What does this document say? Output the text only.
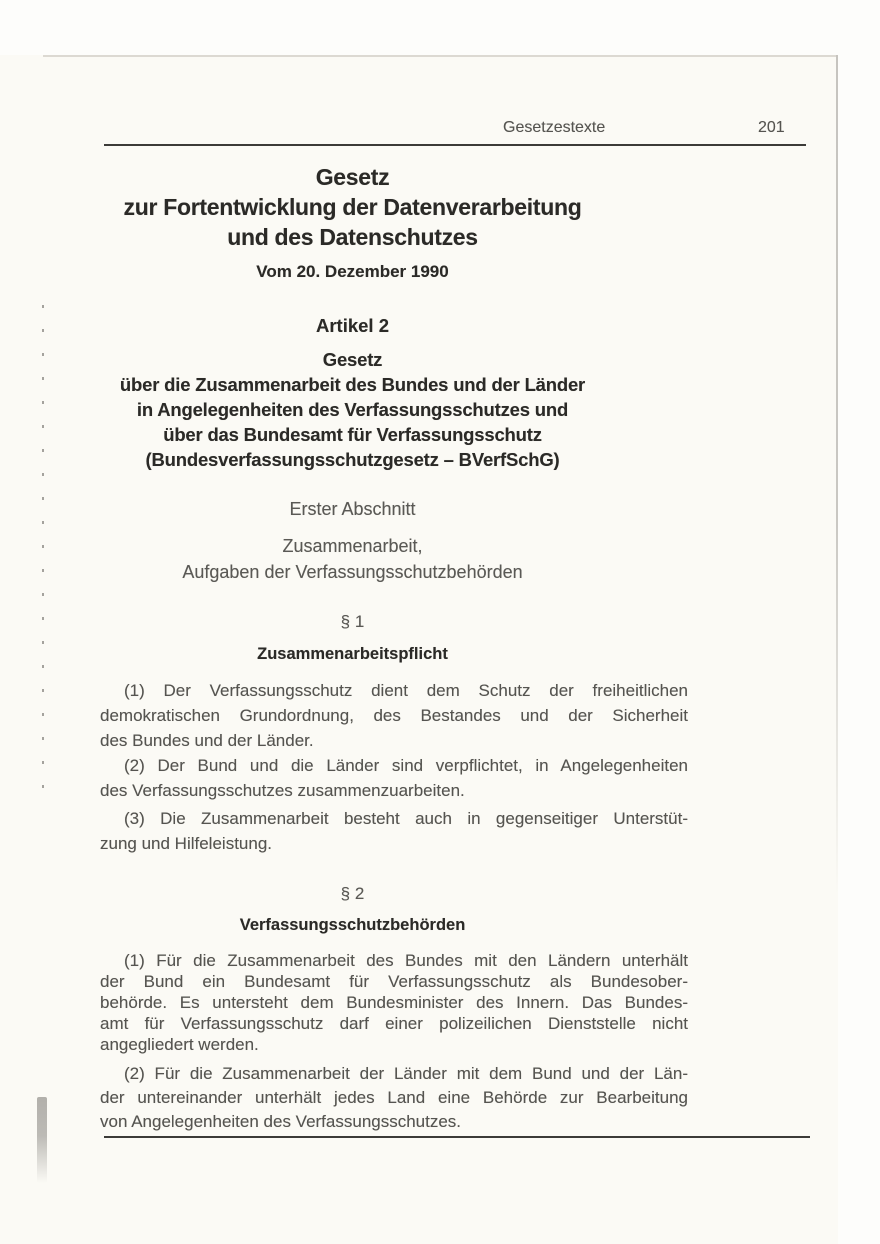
Gesetzestexte	201
Gesetz
zur Fortentwicklung der Datenverarbeitung
und des Datenschutzes
Vom 20. Dezember 1990
Artikel 2
Gesetz
über die Zusammenarbeit des Bundes und der Länder
in Angelegenheiten des Verfassungsschutzes und
über das Bundesamt für Verfassungsschutz
(Bundesverfassungsschutzgesetz – BVerfSchG)
Erster Abschnitt
Zusammenarbeit,
Aufgaben der Verfassungsschutzbehörden
§ 1
Zusammenarbeitspflicht
(1) Der Verfassungsschutz dient dem Schutz der freiheitlichen
demokratischen Grundordnung, des Bestandes und der Sicherheit
des Bundes und der Länder.
(2) Der Bund und die Länder sind verpflichtet, in Angelegenheiten
des Verfassungsschutzes zusammenzuarbeiten.
(3) Die Zusammenarbeit besteht auch in gegenseitiger Unterstüt-
zung und Hilfeleistung.
§ 2
Verfassungsschutzbehörden
(1) Für die Zusammenarbeit des Bundes mit den Ländern unterhält
der Bund ein Bundesamt für Verfassungsschutz als Bundesober-
behörde. Es untersteht dem Bundesminister des Innern. Das Bundes-
amt für Verfassungsschutz darf einer polizeilichen Dienststelle nicht
angegliedert werden.
(2) Für die Zusammenarbeit der Länder mit dem Bund und der Län-
der untereinander unterhält jedes Land eine Behörde zur Bearbeitung
von Angelegenheiten des Verfassungsschutzes.
